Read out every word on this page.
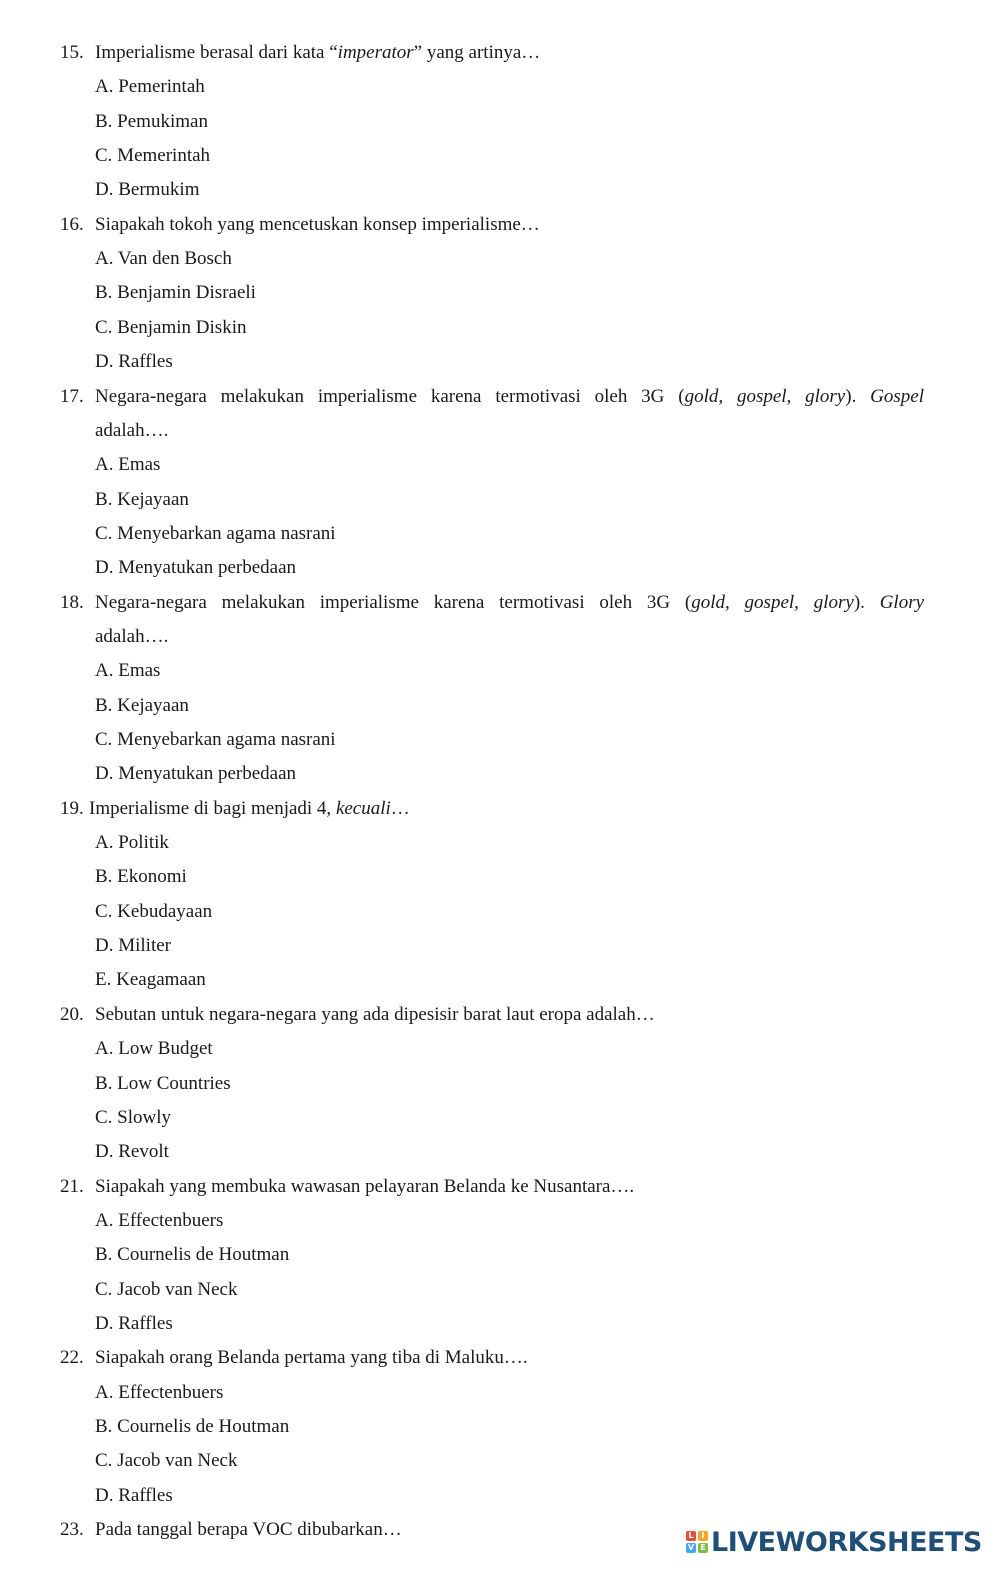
15. Imperialisme berasal dari kata “imperator” yang artinya…
A. Pemerintah
B. Pemukiman
C. Memerintah
D. Bermukim
16. Siapakah tokoh yang mencetuskan konsep imperialisme…
A. Van den Bosch
B. Benjamin Disraeli
C. Benjamin Diskin
D. Raffles
17. Negara-negara melakukan imperialisme karena termotivasi oleh 3G (gold, gospel, glory). Gospel
adalah….
A. Emas
B. Kejayaan
C. Menyebarkan agama nasrani
D. Menyatukan perbedaan
18. Negara-negara melakukan imperialisme karena termotivasi oleh 3G (gold, gospel, glory). Glory
adalah….
A. Emas
B. Kejayaan
C. Menyebarkan agama nasrani
D. Menyatukan perbedaan
19. Imperialisme di bagi menjadi 4, kecuali…
A. Politik
B. Ekonomi
C. Kebudayaan
D. Militer
E. Keagamaan
20. Sebutan untuk negara-negara yang ada dipesisir barat laut eropa adalah…
A. Low Budget
B. Low Countries
C. Slowly
D. Revolt
21. Siapakah yang membuka wawasan pelayaran Belanda ke Nusantara….
A. Effectenbuers
B. Cournelis de Houtman
C. Jacob van Neck
D. Raffles
22. Siapakah orang Belanda pertama yang tiba di Maluku….
A. Effectenbuers
B. Cournelis de Houtman
C. Jacob van Neck
D. Raffles
23. Pada tanggal berapa VOC dibubarkan…	L I
V E LIVEWORKSHEETS
